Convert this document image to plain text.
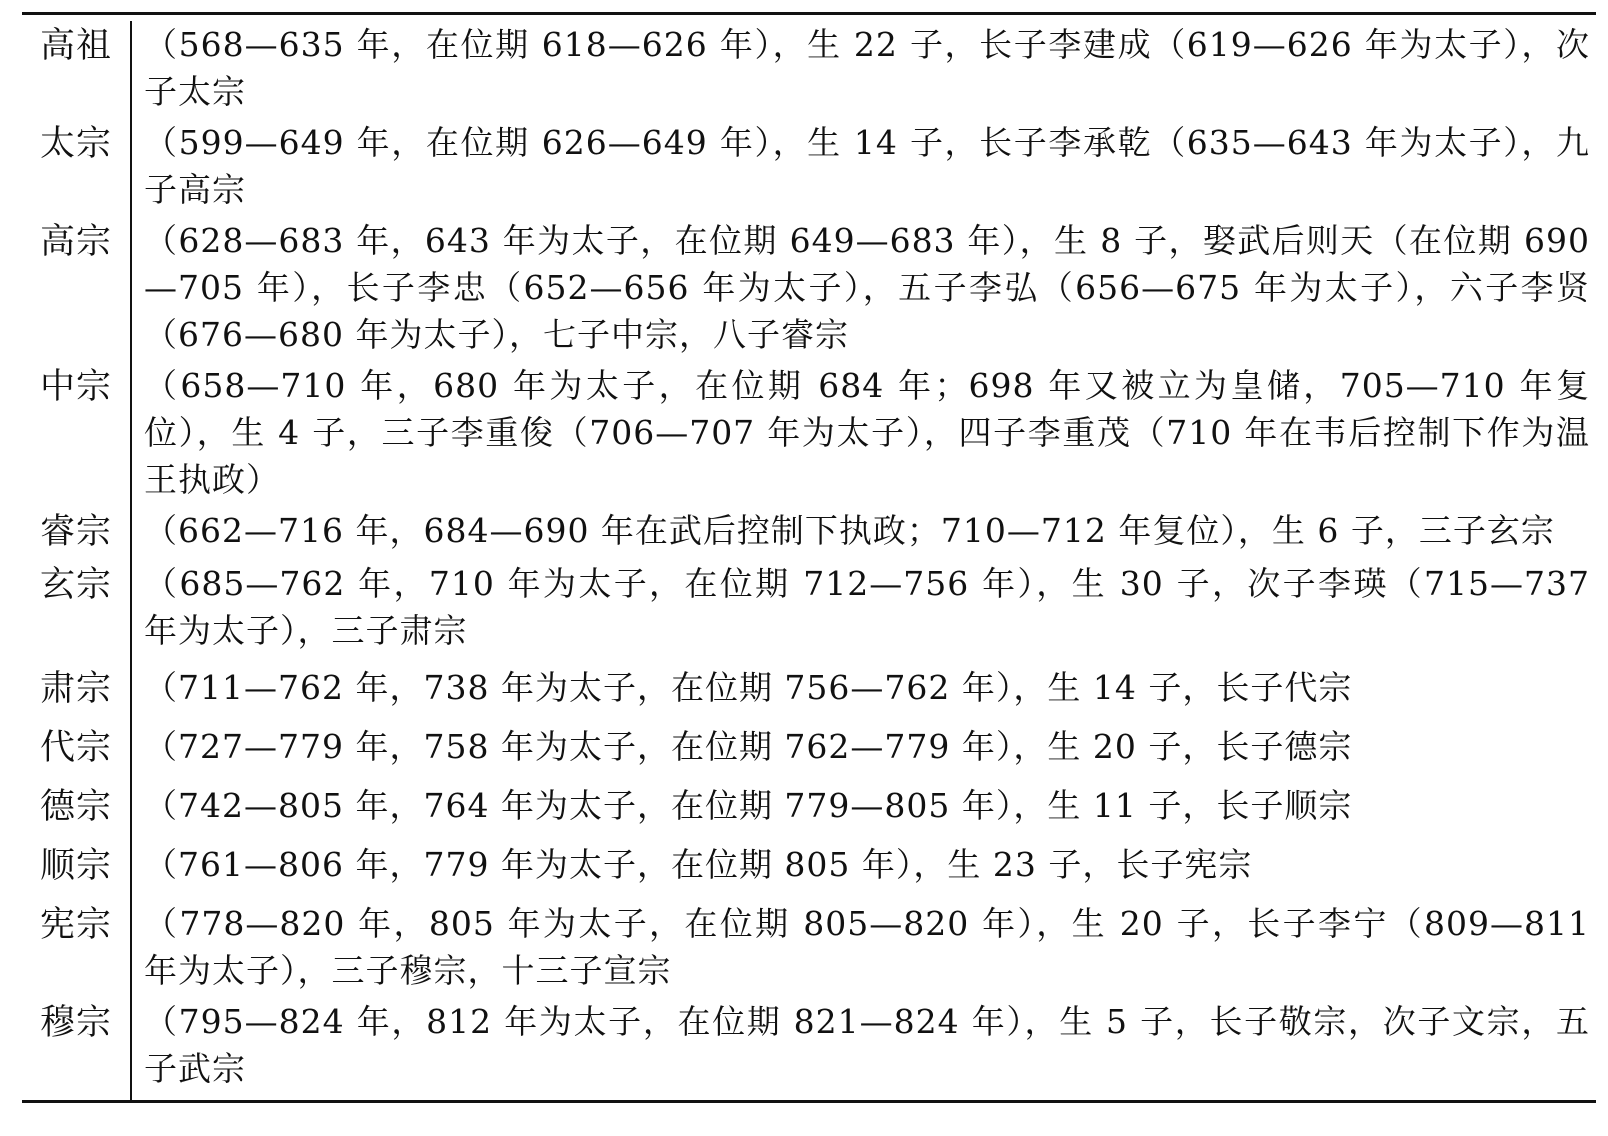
高祖 （568—635 年，在位期 618—626 年），生 22 子，长子李建成（619—626 年为太子），次子太宗
太宗 （599—649 年，在位期 626—649 年），生 14 子，长子李承乾（635—643 年为太子），九子高宗
高宗 （628—683 年，643 年为太子，在位期 649—683 年），生 8 子，娶武后则天（在位期 690—705 年），长子李忠（652—656 年为太子），五子李弘（656—675 年为太子），六子李贤（676—680 年为太子），七子中宗，八子睿宗
中宗 （658—710 年，680 年为太子，在位期 684 年；698 年又被立为皇储，705—710 年复位），生 4 子，三子李重俊（706—707 年为太子），四子李重茂（710 年在韦后控制下作为温王执政）
睿宗 （662—716 年，684—690 年在武后控制下执政；710—712 年复位），生 6 子，三子玄宗
玄宗 （685—762 年，710 年为太子，在位期 712—756 年），生 30 子，次子李瑛（715—737 年为太子），三子肃宗
肃宗 （711—762 年，738 年为太子，在位期 756—762 年），生 14 子，长子代宗
代宗 （727—779 年，758 年为太子，在位期 762—779 年），生 20 子，长子德宗
德宗 （742—805 年，764 年为太子，在位期 779—805 年），生 11 子，长子顺宗
顺宗 （761—806 年，779 年为太子，在位期 805 年），生 23 子，长子宪宗
宪宗 （778—820 年，805 年为太子，在位期 805—820 年），生 20 子，长子李宁（809—811 年为太子），三子穆宗，十三子宣宗
穆宗 （795—824 年，812 年为太子，在位期 821—824 年），生 5 子，长子敬宗，次子文宗，五子武宗
